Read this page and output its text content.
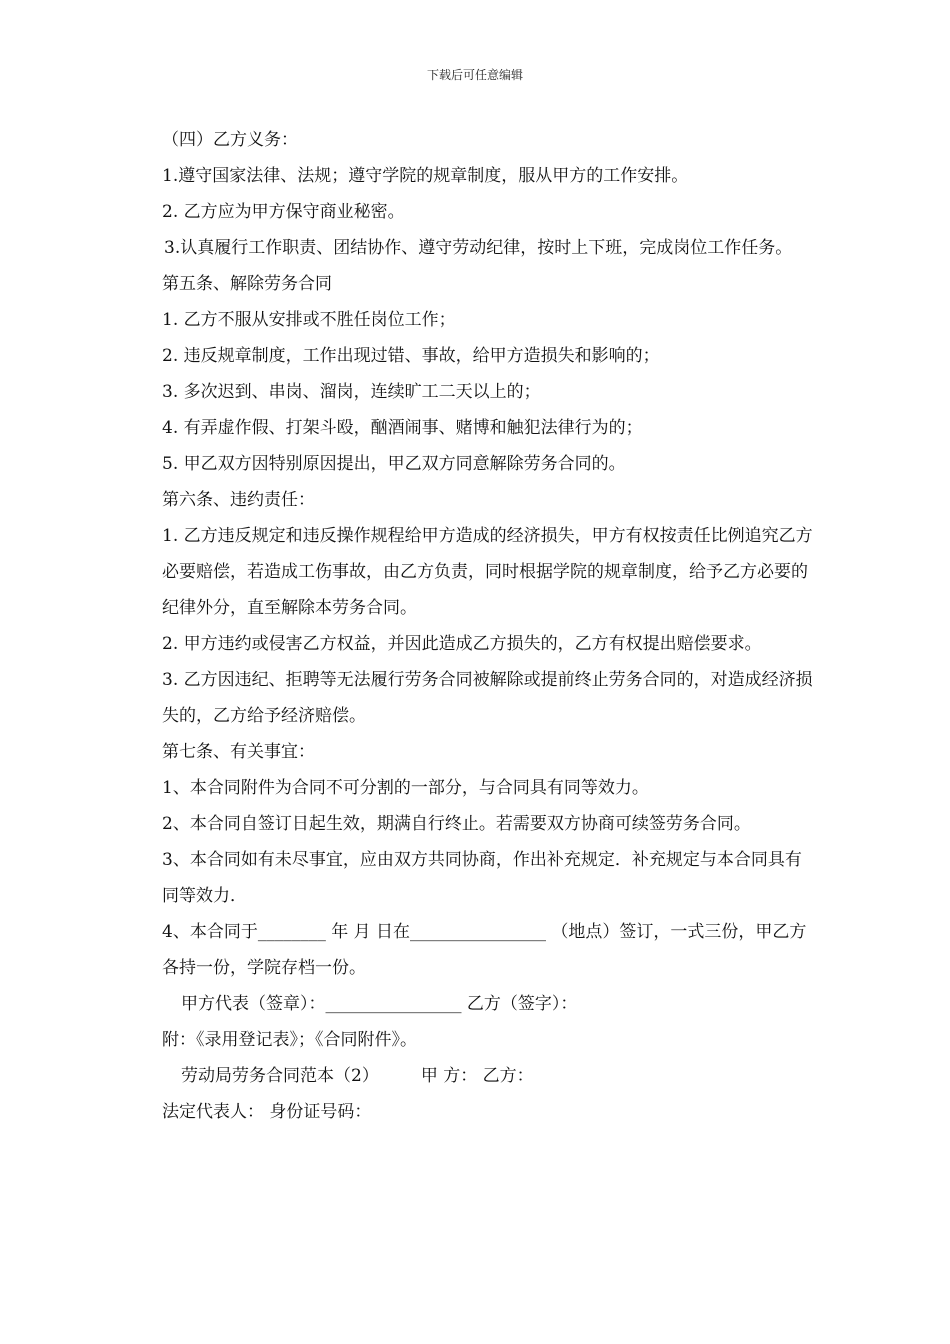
下载后可任意编辑

（四）乙方义务：

1.遵守国家法律、法规；遵守学院的规章制度，服从甲方的工作安排。

2. 乙方应为甲方保守商业秘密。

3.认真履行工作职责、团结协作、遵守劳动纪律，按时上下班，完成岗位工作任务。

第五条、解除劳务合同

1. 乙方不服从安排或不胜任岗位工作；

2. 违反规章制度，工作出现过错、事故，给甲方造损失和影响的；

3. 多次迟到、串岗、溜岗，连续旷工二天以上的；

4. 有弄虚作假、打架斗殴，酗酒闹事、赌博和触犯法律行为的；

5. 甲乙双方因特别原因提出，甲乙双方同意解除劳务合同的。

第六条、违约责任：

1. 乙方违反规定和违反操作规程给甲方造成的经济损失，甲方有权按责任比例追究乙方必要赔偿，若造成工伤事故，由乙方负责，同时根据学院的规章制度，给予乙方必要的纪律外分，直至解除本劳务合同。

2. 甲方违约或侵害乙方权益，并因此造成乙方损失的，乙方有权提出赔偿要求。

3. 乙方因违纪、拒聘等无法履行劳务合同被解除或提前终止劳务合同的，对造成经济损失的，乙方给予经济赔偿。

第七条、有关事宜：

1、本合同附件为合同不可分割的一部分，与合同具有同等效力。

2、本合同自签订日起生效，期满自行终止。若需要双方协商可续签劳务合同。

3、本合同如有未尽事宜，应由双方共同协商，作出补充规定．补充规定与本合同具有同等效力．

4、本合同于________ 年 月 日在________________ （地点）签订，一式三份，甲乙方各持一份，学院存档一份。

甲方代表（签章）：________________ 乙方（签字）：

附：《录用登记表》；《合同附件》。

劳动局劳务合同范本（2） 甲 方： 乙方：

法定代表人： 身份证号码：
